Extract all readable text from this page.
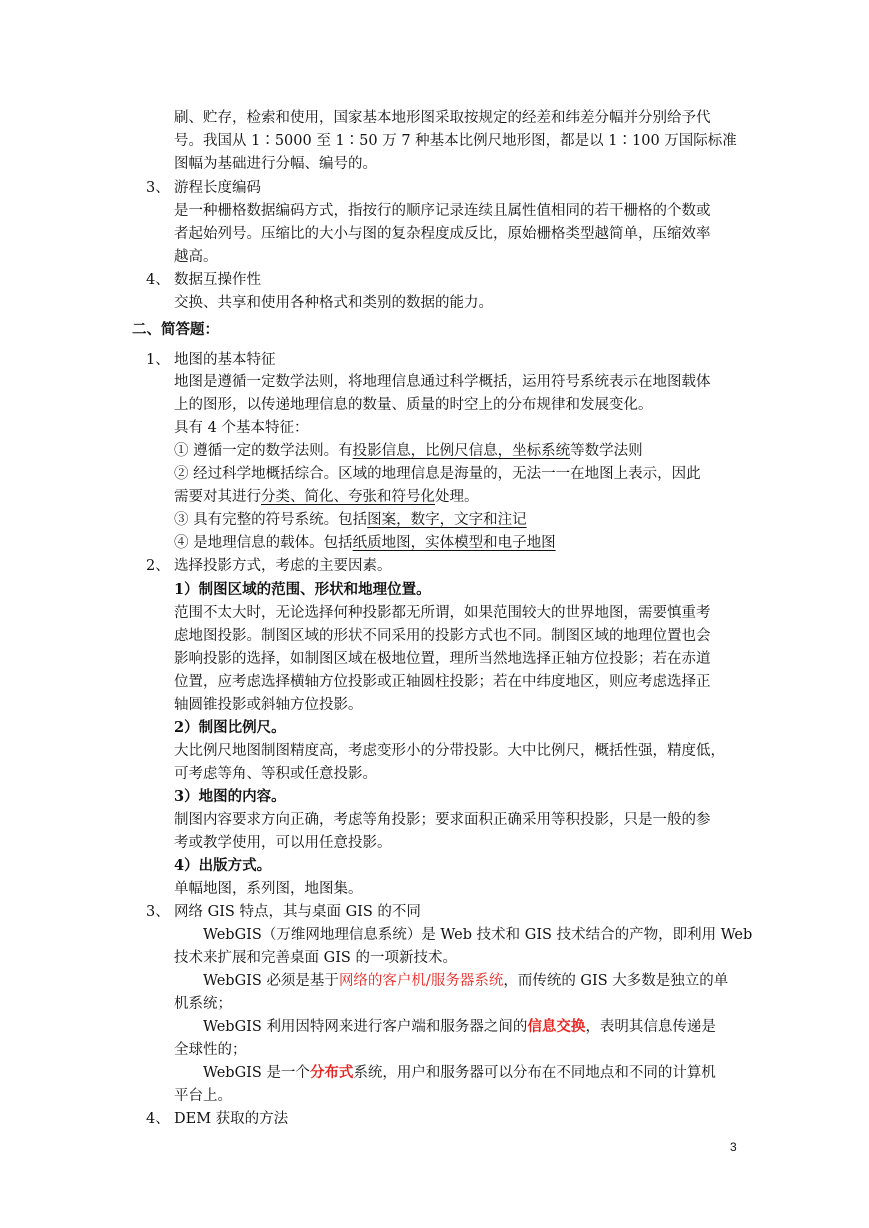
刷、贮存，检索和使用，国家基本地形图采取按规定的经差和纬差分幅并分别给予代
号。我国从 1∶5000 至 1∶50 万 7 种基本比例尺地形图，都是以 1∶100 万国际标准
图幅为基础进行分幅、编号的。
3、 游程长度编码
是一种栅格数据编码方式，指按行的顺序记录连续且属性值相同的若干栅格的个数或
者起始列号。压缩比的大小与图的复杂程度成反比，原始栅格类型越简单，压缩效率
越高。
4、 数据互操作性
交换、共享和使用各种格式和类别的数据的能力。
二、简答题：
1、 地图的基本特征
地图是遵循一定数学法则，将地理信息通过科学概括，运用符号系统表示在地图载体
上的图形，以传递地理信息的数量、质量的时空上的分布规律和发展变化。
具有 4 个基本特征：
① 遵循一定的数学法则。有投影信息，比例尺信息，坐标系统等数学法则
② 经过科学地概括综合。区域的地理信息是海量的，无法一一在地图上表示，因此
需要对其进行分类、简化、夸张和符号化处理。
③ 具有完整的符号系统。包括图案，数字，文字和注记
④ 是地理信息的载体。包括纸质地图，实体模型和电子地图
2、 选择投影方式，考虑的主要因素。
1）制图区域的范围、形状和地理位置。
范围不太大时，无论选择何种投影都无所谓，如果范围较大的世界地图，需要慎重考
虑地图投影。制图区域的形状不同采用的投影方式也不同。制图区域的地理位置也会
影响投影的选择，如制图区域在极地位置，理所当然地选择正轴方位投影；若在赤道
位置，应考虑选择横轴方位投影或正轴圆柱投影；若在中纬度地区，则应考虑选择正
轴圆锥投影或斜轴方位投影。
2）制图比例尺。
大比例尺地图制图精度高，考虑变形小的分带投影。大中比例尺，概括性强，精度低，
可考虑等角、等积或任意投影。
3）地图的内容。
制图内容要求方向正确，考虑等角投影；要求面积正确采用等积投影，只是一般的参
考或教学使用，可以用任意投影。
4）出版方式。
单幅地图，系列图，地图集。
3、 网络 GIS 特点，其与桌面 GIS 的不同
WebGIS（万维网地理信息系统）是 Web 技术和 GIS 技术结合的产物，即利用 Web
技术来扩展和完善桌面 GIS 的一项新技术。
WebGIS 必须是基于网络的客户机/服务器系统，而传统的 GIS 大多数是独立的单
机系统；
WebGIS 利用因特网来进行客户端和服务器之间的信息交换，表明其信息传递是
全球性的；
WebGIS 是一个分布式系统，用户和服务器可以分布在不同地点和不同的计算机
平台上。
4、 DEM 获取的方法
3
